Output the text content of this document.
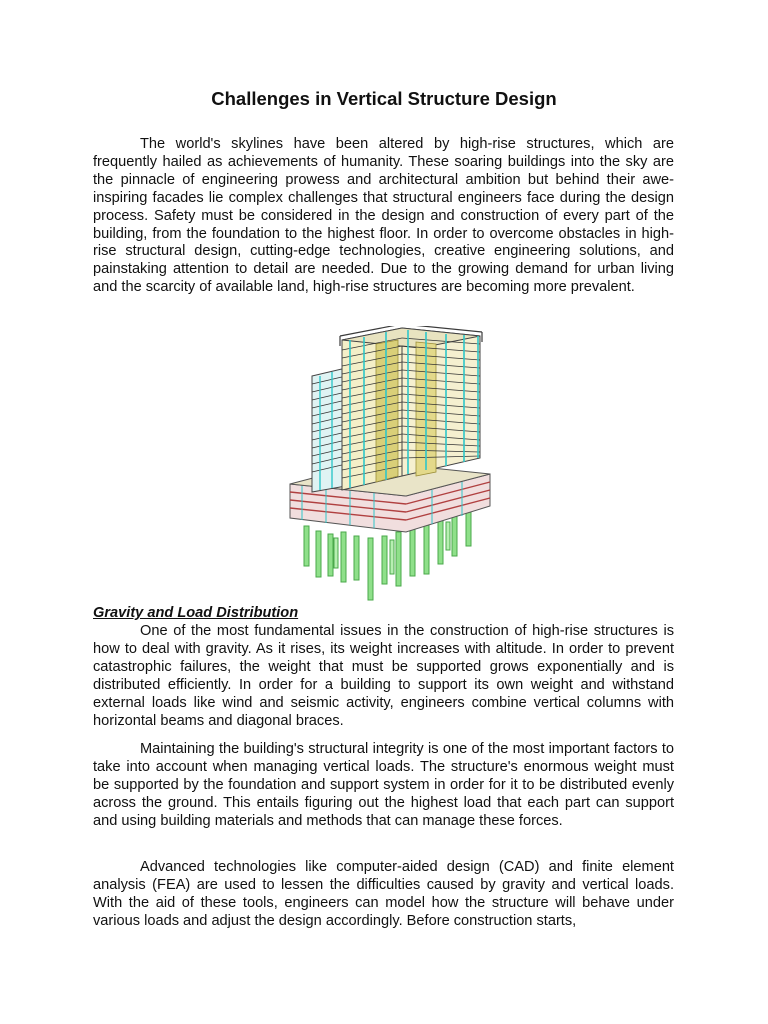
Challenges in Vertical Structure Design

The world's skylines have been altered by high-rise structures, which are frequently hailed as achievements of humanity. These soaring buildings into the sky are the pinnacle of engineering prowess and architectural ambition but behind their awe-inspiring facades lie complex challenges that structural engineers face during the design process. Safety must be considered in the design and construction of every part of the building, from the foundation to the highest floor. In order to overcome obstacles in high-rise structural design, cutting-edge technologies, creative engineering solutions, and painstaking attention to detail are needed. Due to the growing demand for urban living and the scarcity of available land, high-rise structures are becoming more prevalent.

Gravity and Load Distribution

One of the most fundamental issues in the construction of high-rise structures is how to deal with gravity. As it rises, its weight increases with altitude. In order to prevent catastrophic failures, the weight that must be supported grows exponentially and is distributed efficiently. In order for a building to support its own weight and withstand external loads like wind and seismic activity, engineers combine vertical columns with horizontal beams and diagonal braces.

Maintaining the building's structural integrity is one of the most important factors to take into account when managing vertical loads. The structure's enormous weight must be supported by the foundation and support system in order for it to be distributed evenly across the ground. This entails figuring out the highest load that each part can support and using building materials and methods that can manage these forces.

Advanced technologies like computer-aided design (CAD) and finite element analysis (FEA) are used to lessen the difficulties caused by gravity and vertical loads. With the aid of these tools, engineers can model how the structure will behave under various loads and adjust the design accordingly. Before construction starts,
